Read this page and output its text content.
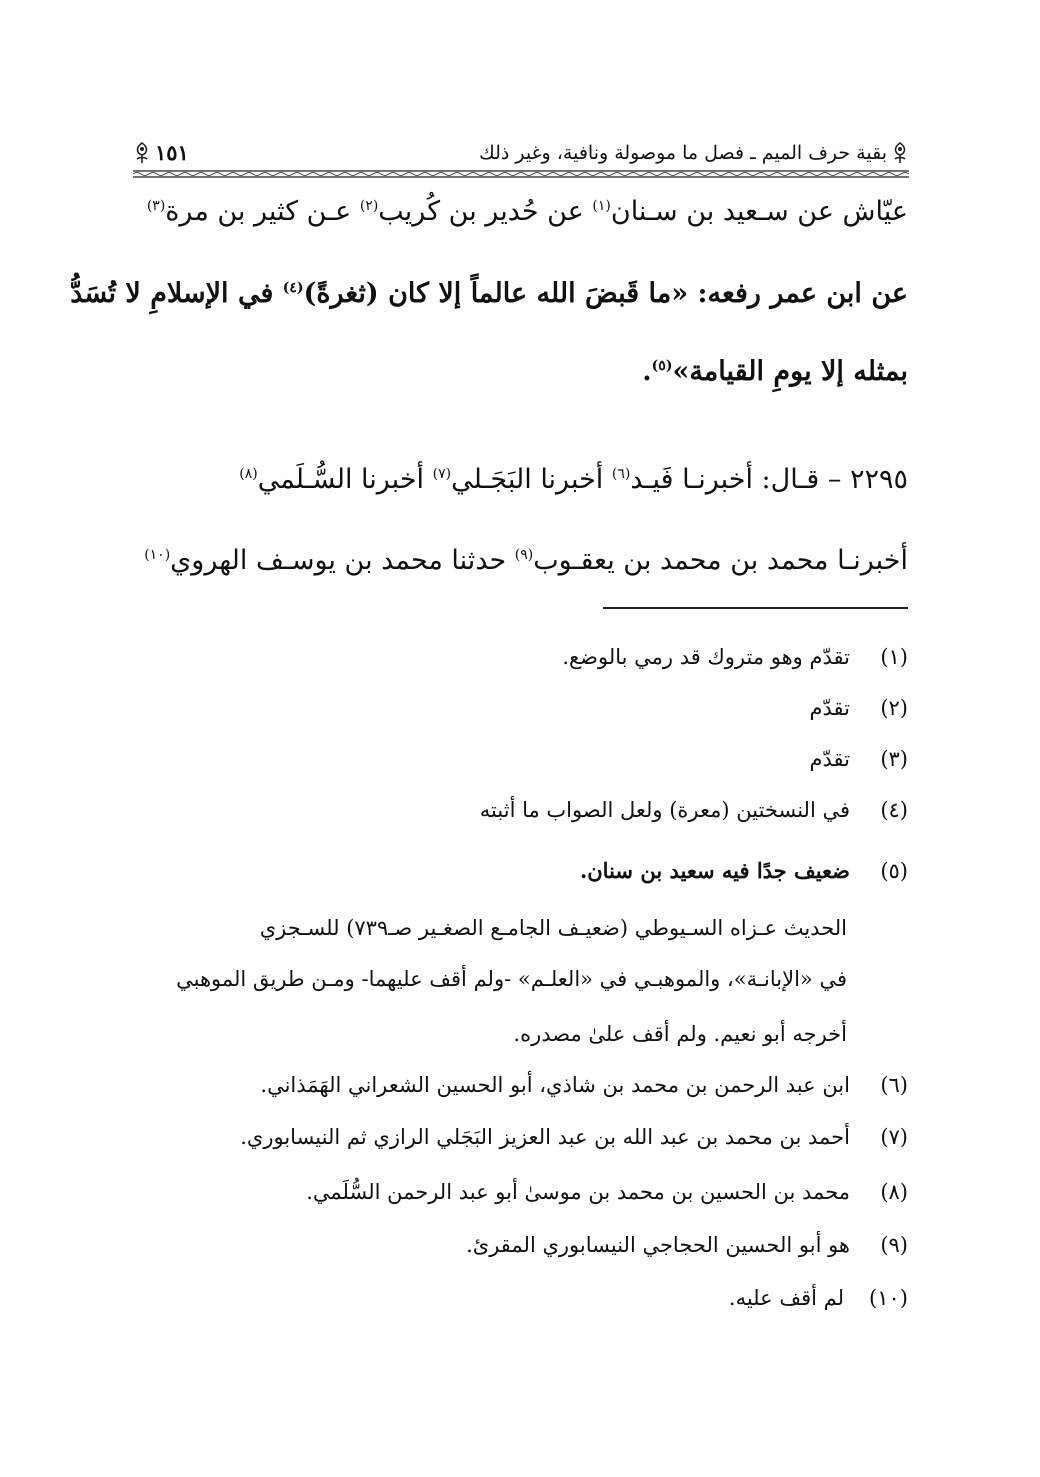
بقية حرف الميم ـ فصل ما موصولة ونافية، وغير ذلك
١٥١
عيّاش عن سـعيد بن سـنان$^{(١)}$ عن حُدير بن كُريب$^{(٢)}$ عـن كثير بن مرة$^{(٣)}$
عن ابن عمر رفعه: «ما قَبضَ الله عالماً إلا كان (ثغرةً)$^{(٤)}$ في الإسلامِ لا تُسَدُّ
بمثله إلا يومِ القيامة»$^{(٥)}$.
٢٢٩٥ – قـال: أخبرنـا فَيـد$^{(٦)}$ أخبرنا البَجَـلي$^{(٧)}$ أخبرنا السُّـلَمي$^{(٨)}$
أخبرنـا محمد بن محمد بن يعقـوب$^{(٩)}$ حدثنا محمد بن يوسـف الهروي$^{(١٠)}$
(١)تقدّم وهو متروك قد رمي بالوضع.
(٢)تقدّم
(٣)تقدّم
(٤)في النسختين (معرة) ولعل الصواب ما أثبته
(٥)ضعيف جدًا فيه سعيد بن سنان.
الحديث عـزاه السـيوطي (ضعيـف الجامـع الصغـير صـ٧٣٩) للسـجزي
في «الإبانـة»، والموهبـي في «العلـم» -ولم أقف عليهما- ومـن طريق الموهبي
أخرجه أبو نعيم. ولم أقف علىٰ مصدره.
(٦)ابن عبد الرحمن بن محمد بن شاذي، أبو الحسين الشعراني الهَمَذاني.
(٧)أحمد بن محمد بن عبد الله بن عبد العزيز البَجَلي الرازي ثم النيسابوري.
(٨)محمد بن الحسين بن محمد بن موسىٰ أبو عبد الرحمن السُّلَمي.
(٩)هو أبو الحسين الحجاجي النيسابوري المقرئ.
(١٠)لم أقف عليه.
